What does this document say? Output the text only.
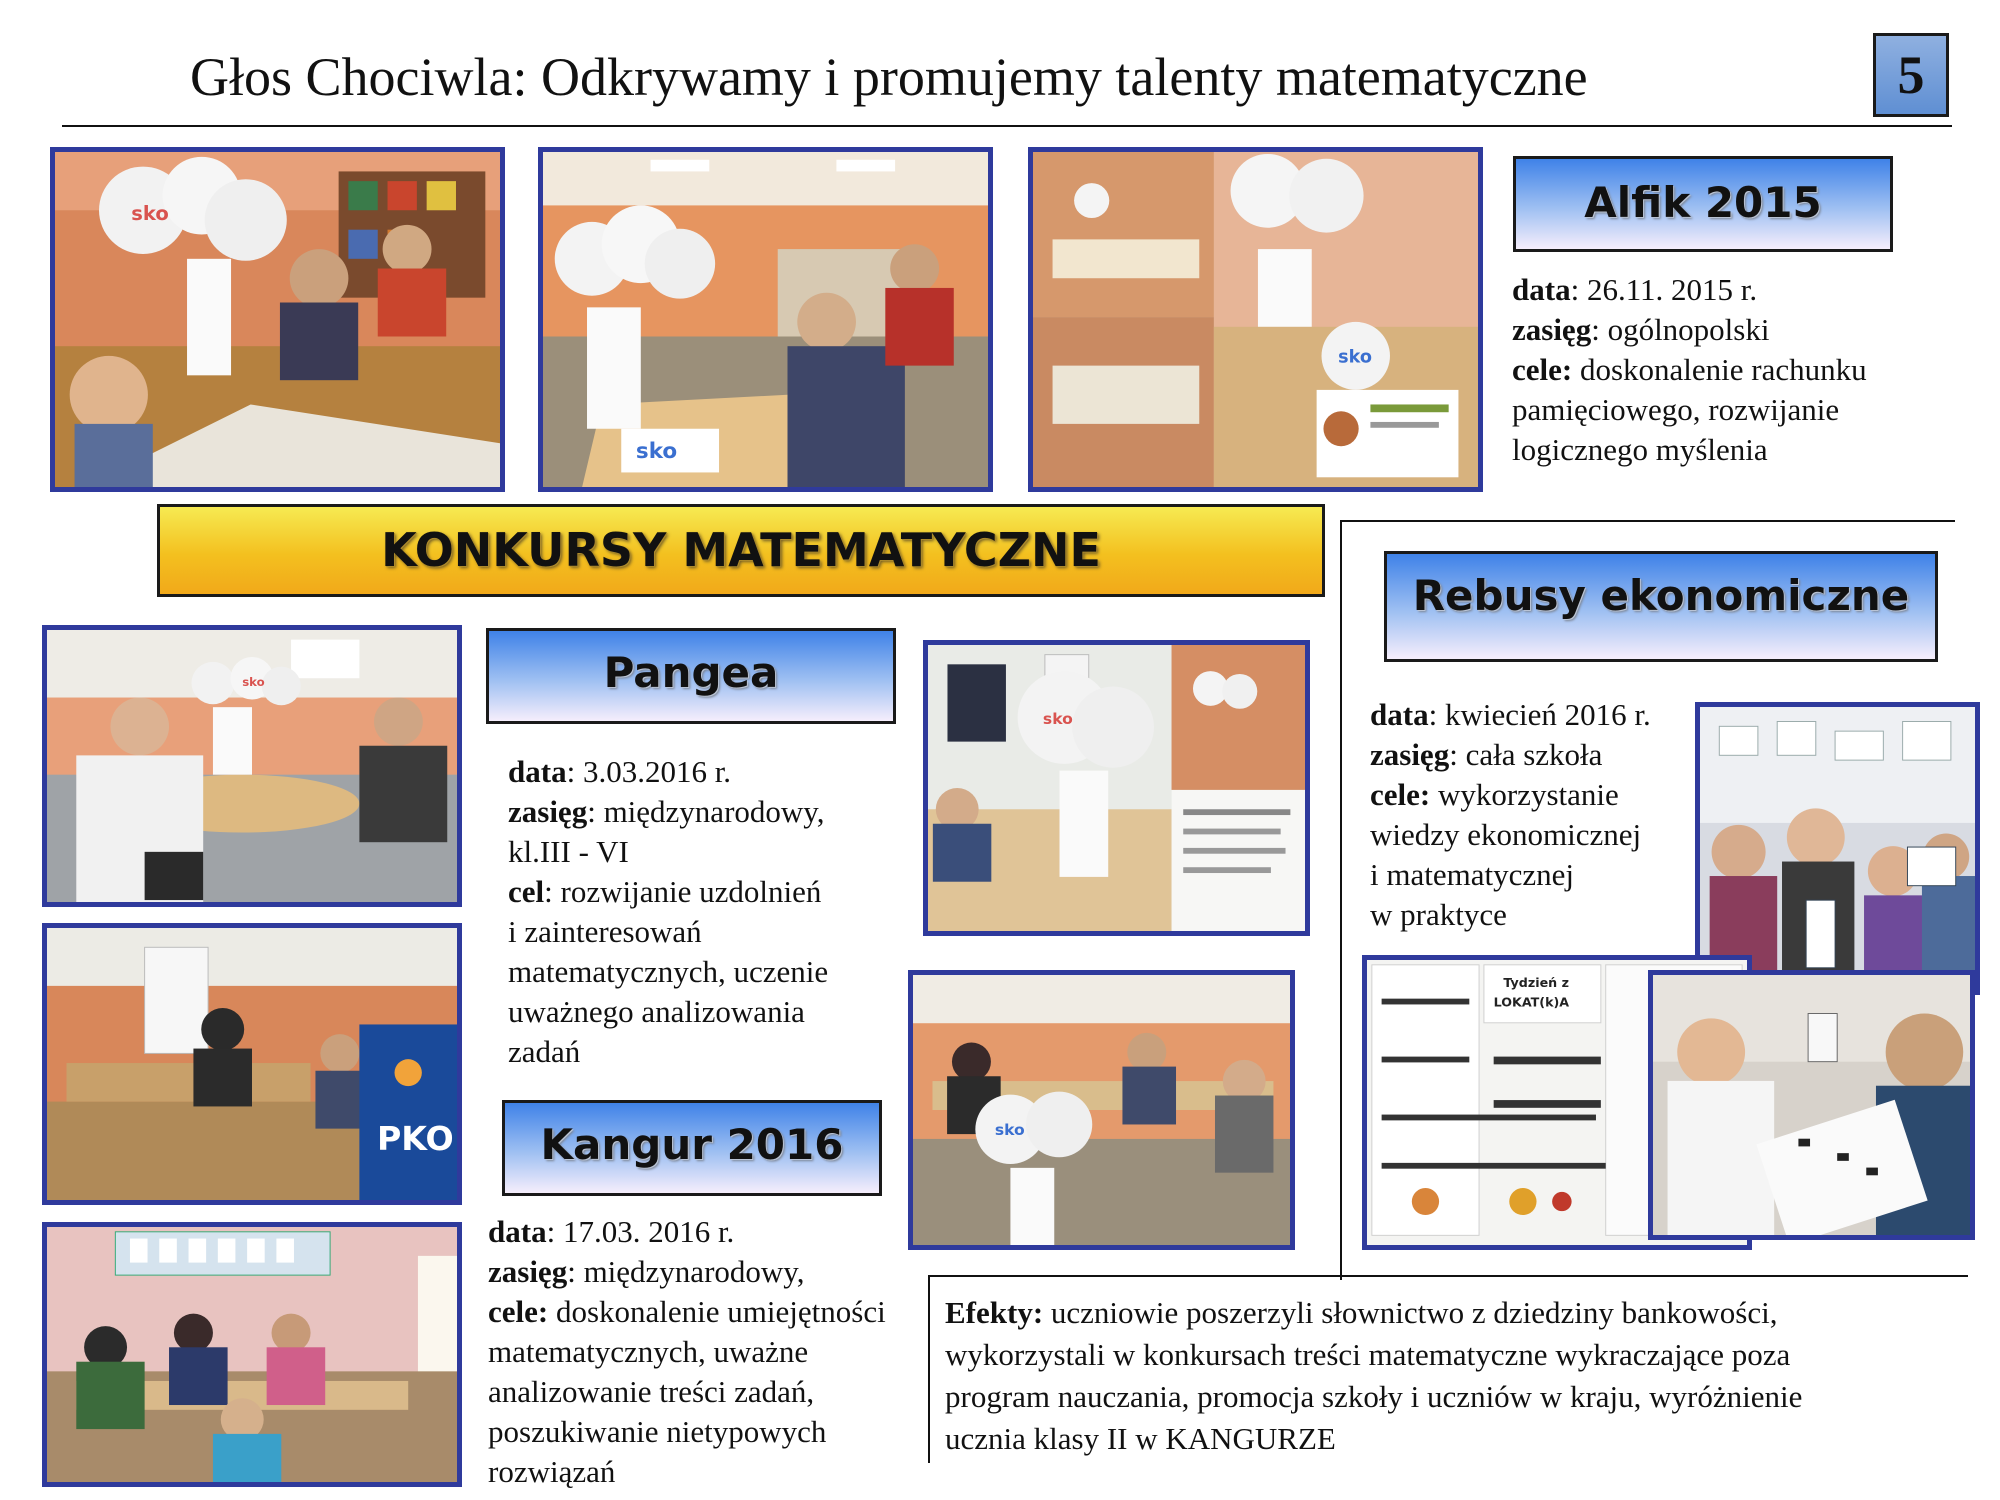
Głos Chociwla: Odkrywamy i promujemy talenty matematyczne	5
sko
sko
sko
Alfik 2015
data: 26.11. 2015 r.
zasięg: ogólnopolski
cele: doskonalenie rachunku
pamięciowego, rozwijanie
logicznego myślenia
KONKURSY MATEMATYCZNE
Rebusy ekonomiczne
data: kwiecień 2016 r.
zasięg: cała szkoła
cele: wykorzystanie
wiedzy ekonomicznej
i matematycznej
w praktyce
Tydzień z
LOKAT(k)A
sko
PKO
Pangea
data: 3.03.2016 r.
zasięg: międzynarodowy,
kl.III - VI
cel: rozwijanie uzdolnień
i zainteresowań
matematycznych, uczenie
uważnego analizowania
zadań
sko
sko
Kangur 2016
data: 17.03. 2016 r.
zasięg: międzynarodowy,
cele: doskonalenie umiejętności
matematycznych, uważne
analizowanie treści zadań,
poszukiwanie nietypowych
rozwiązań
Efekty: uczniowie poszerzyli słownictwo z dziedziny bankowości,
wykorzystali w konkursach treści matematyczne wykraczające poza
program nauczania, promocja szkoły i uczniów w kraju, wyróżnienie
ucznia klasy II w KANGURZE
